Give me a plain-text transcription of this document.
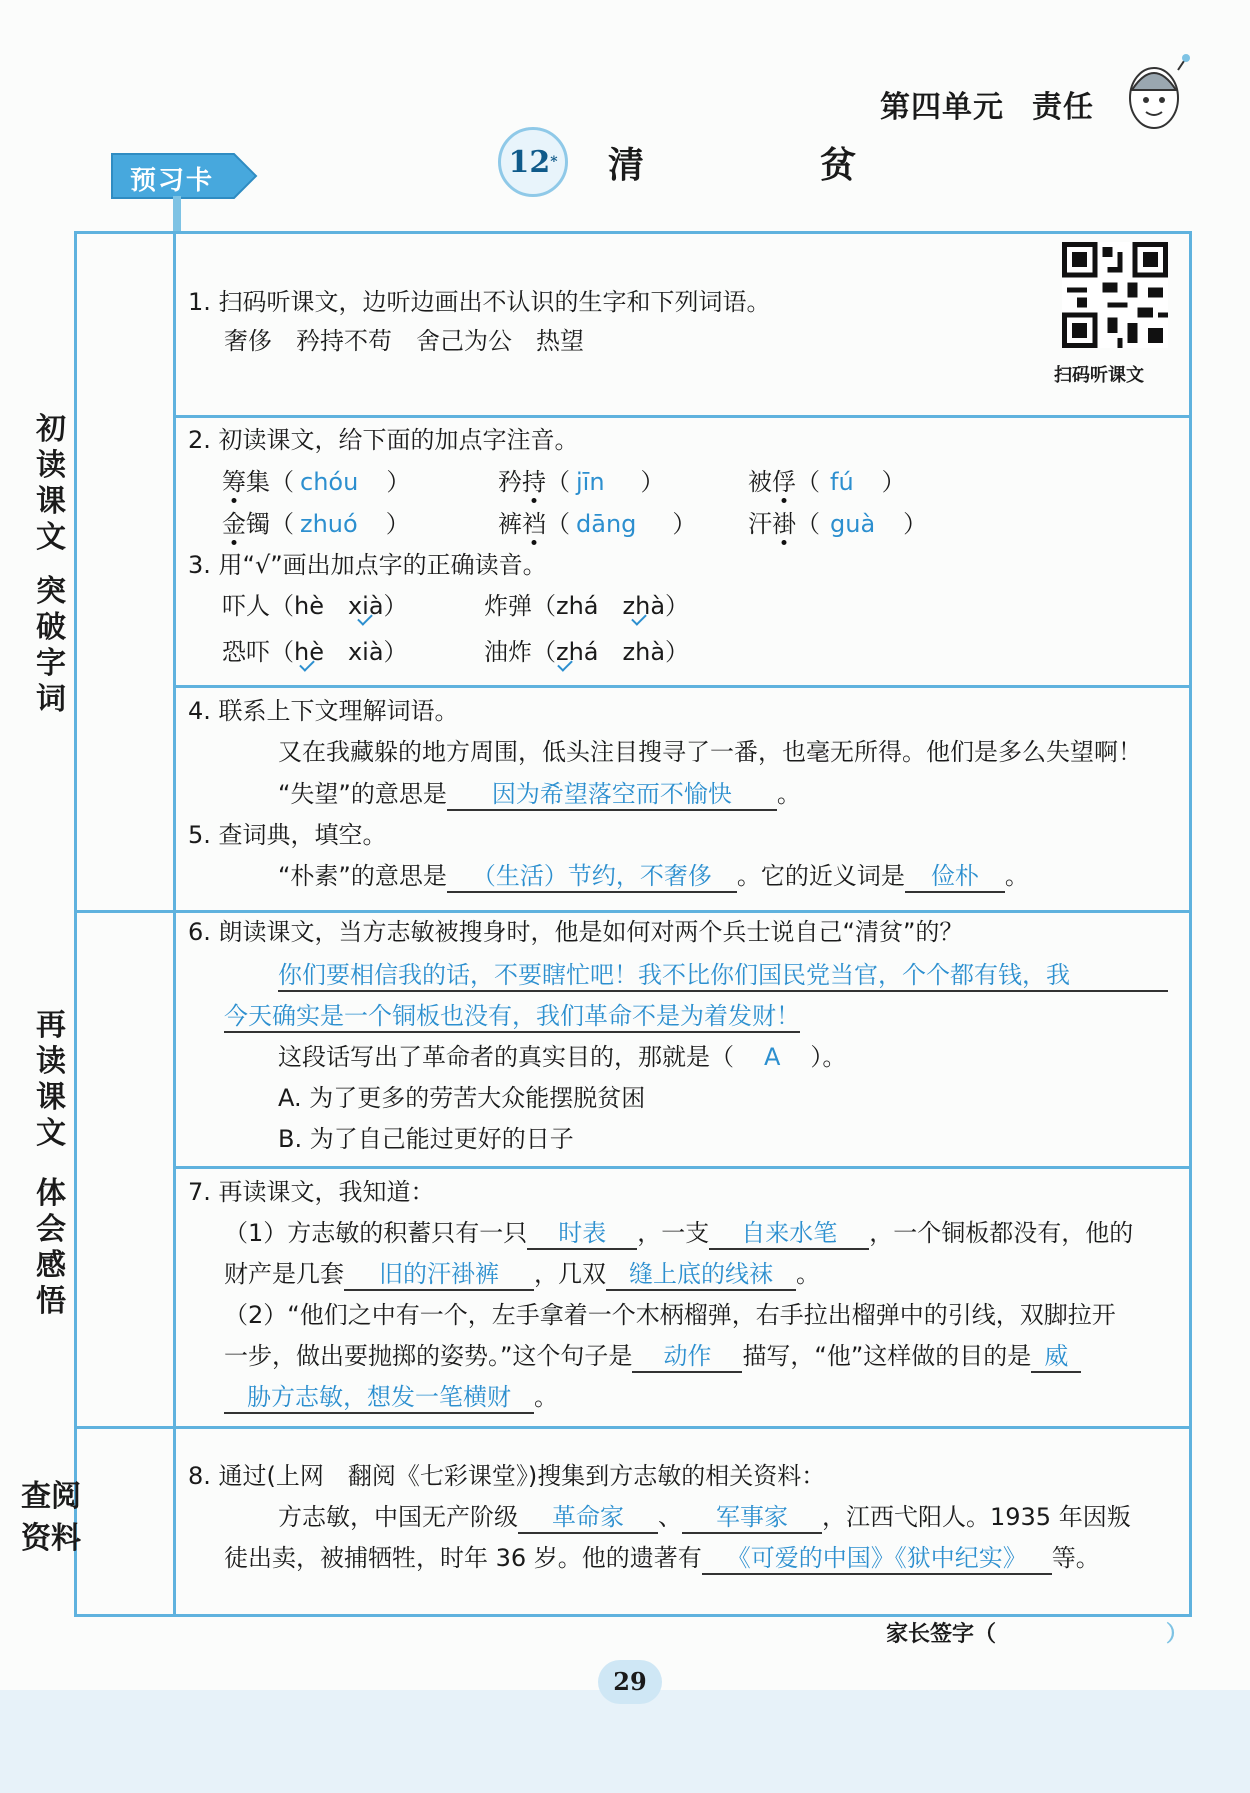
第四单元 责任
预习卡
12 * 清　贫
初
读
课
文
突
破
字
词
再
读
课
文
体
会
感
悟
查阅
资料
扫码听课文
1. 扫码听课文，边听边画出不认识的生字和下列词语。
奢侈　矜持不苟　舍己为公　热望
2. 初读课文，给下面的加点字注音。
筹集（ chóu ）	矜持（ jīn ）	被俘（ fú ）
金镯（ zhuó ）	裤裆（ dāng ） 汗褂（ guà ）
3. 用“√”画出加点字的正确读音。
吓人（hè　xià）	炸弹（zhá　zhà）
恐吓（hè　xià）	油炸（zhá　zhà）
4. 联系上下文理解词语。
又在我藏躲的地方周围，低头注目搜寻了一番，也毫无所得。他们是多么失望啊！
“失望”的意思是 因为希望落空而不愉快 。
5. 查词典，填空。
“朴素”的意思是 （生活）节约，不奢侈 。它的近义词是 俭朴 。
6. 朗读课文，当方志敏被搜身时，他是如何对两个兵士说自己“清贫”的？
你们要相信我的话，不要瞎忙吧！我不比你们国民党当官，个个都有钱，我
今天确实是一个铜板也没有，我们革命不是为着发财！
这段话写出了革命者的真实目的，那就是（ A ）。
A. 为了更多的劳苦大众能摆脱贫困
B. 为了自己能过更好的日子
7. 再读课文，我知道：
（1）方志敏的积蓄只有一只 时表 ，一支 自来水笔 ，一个铜板都没有，他的
财产是几套 旧的汗褂裤 ，几双 缝上底的线袜 。
（2）“他们之中有一个，左手拿着一个木柄榴弹，右手拉出榴弹中的引线，双脚拉开
一步，做出要抛掷的姿势。”这个句子是 动作 描写，“他”这样做的目的是 威
胁方志敏，想发一笔横财 。
8. 通过(上网　翻阅《七彩课堂》)搜集到方志敏的相关资料：
方志敏，中国无产阶级 革命家 、 军事家 ，江西弋阳人。1935 年因叛
徒出卖，被捕牺牲，时年 36 岁。他的遗著有 《可爱的中国》《狱中纪实》 等。
家长签字（	）
29
